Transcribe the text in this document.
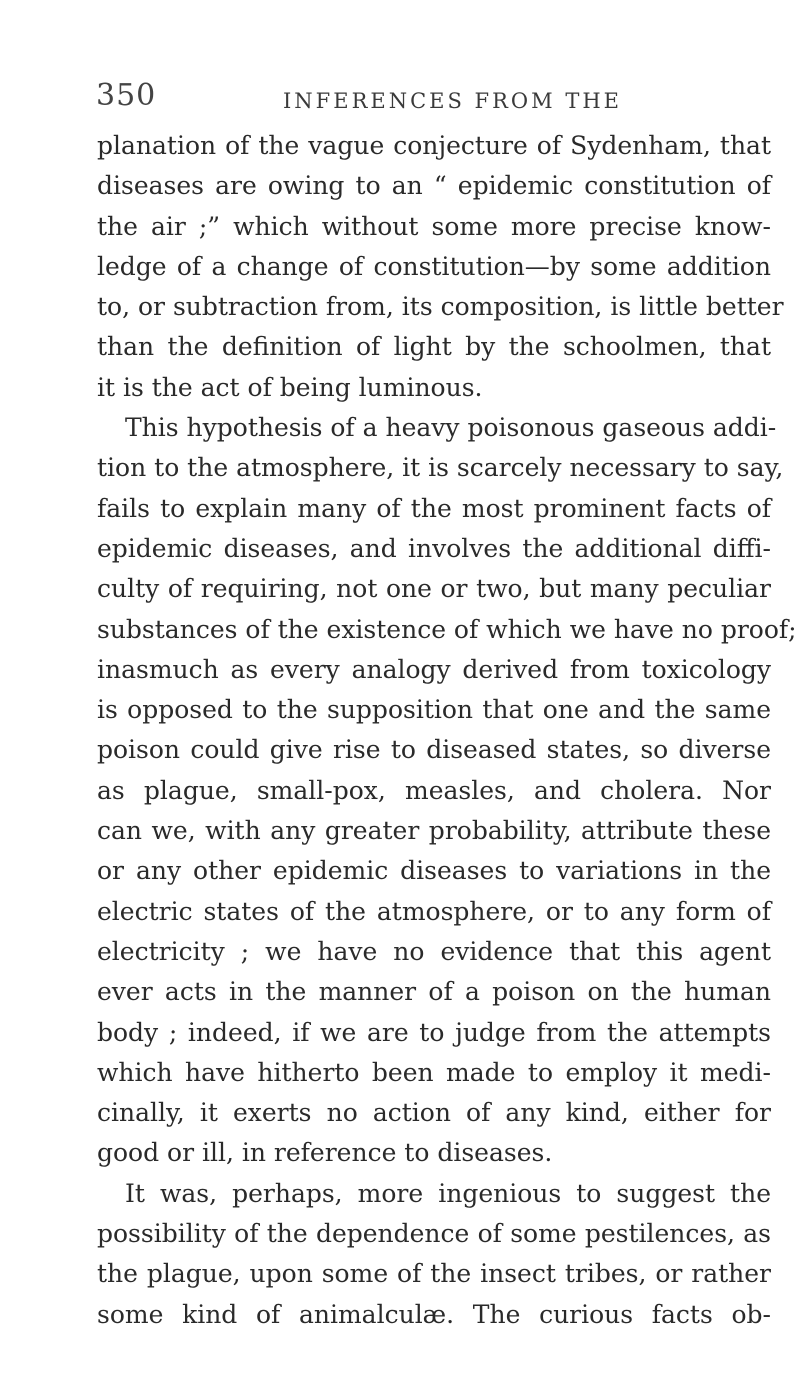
350	INFERENCES FROM THE
planation of the vague conjecture of Sydenham, that
diseases are owing to an “ epidemic constitution of
the air ;” which without some more precise know-
ledge of a change of constitution—by some addition
to, or subtraction from, its composition, is little better
than the definition of light by the schoolmen, that
it is the act of being luminous.
This hypothesis of a heavy poisonous gaseous addi-
tion to the atmosphere, it is scarcely necessary to say,
fails to explain many of the most prominent facts of
epidemic diseases, and involves the additional diffi-
culty of requiring, not one or two, but many peculiar
substances of the existence of which we have no proof;
inasmuch as every analogy derived from toxicology
is opposed to the supposition that one and the same
poison could give rise to diseased states, so diverse
as plague, small-pox, measles, and cholera. Nor
can we, with any greater probability, attribute these
or any other epidemic diseases to variations in the
electric states of the atmosphere, or to any form of
electricity ; we have no evidence that this agent
ever acts in the manner of a poison on the human
body ; indeed, if we are to judge from the attempts
which have hitherto been made to employ it medi-
cinally, it exerts no action of any kind, either for
good or ill, in reference to diseases.
It was, perhaps, more ingenious to suggest the
possibility of the dependence of some pestilences, as
the plague, upon some of the insect tribes, or rather
some kind of animalculæ. The curious facts ob-
